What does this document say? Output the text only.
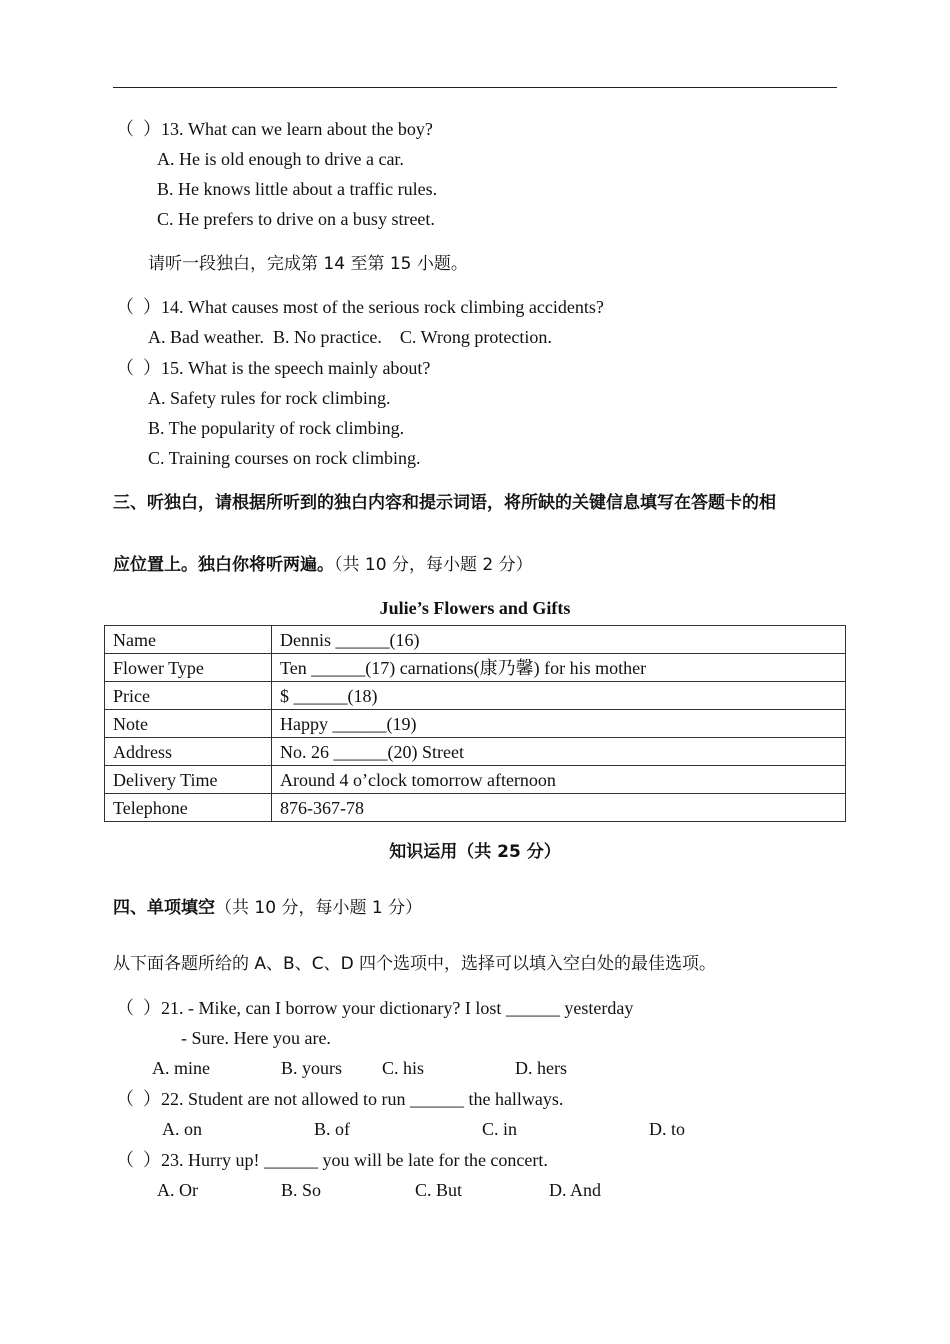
（  ）13. What can we learn about the boy?
A. He is old enough to drive a car.
B. He knows little about a traffic rules.
C. He prefers to drive on a busy street.
请听一段独白，完成第 14 至第 15 小题。
（  ）14. What causes most of the serious rock climbing accidents?
A. Bad weather.  B. No practice.    C. Wrong protection.
（  ）15. What is the speech mainly about?
A. Safety rules for rock climbing.
B. The popularity of rock climbing.
C. Training courses on rock climbing.
三、听独白，请根据所听到的独白内容和提示词语，将所缺的关键信息填写在答题卡的相
应位置上。独白你将听两遍。（共 10 分，每小题 2 分）
Julie’s Flowers and Gifts
Name	Dennis ______(16)
Flower Type	Ten ______(17) carnations(康乃馨) for his mother
Price	$ ______(18)
Note	Happy ______(19)
Address	No. 26 ______(20) Street
Delivery Time	Around 4 o’clock tomorrow afternoon
Telephone	876-367-78
知识运用（共 25 分）
四、单项填空（共 10 分，每小题 1 分）
从下面各题所给的 A、B、C、D 四个选项中，选择可以填入空白处的最佳选项。
（  ）21. - Mike, can I borrow your dictionary? I lost ______ yesterday
- Sure. Here you are.
A. mine	B. yours C. his	D. hers
（  ）22. Student are not allowed to run ______ the hallways.
A. on	B. of	C. in	D. to
（  ）23. Hurry up! ______ you will be late for the concert.
A. Or	B. So	C. But	D. And
